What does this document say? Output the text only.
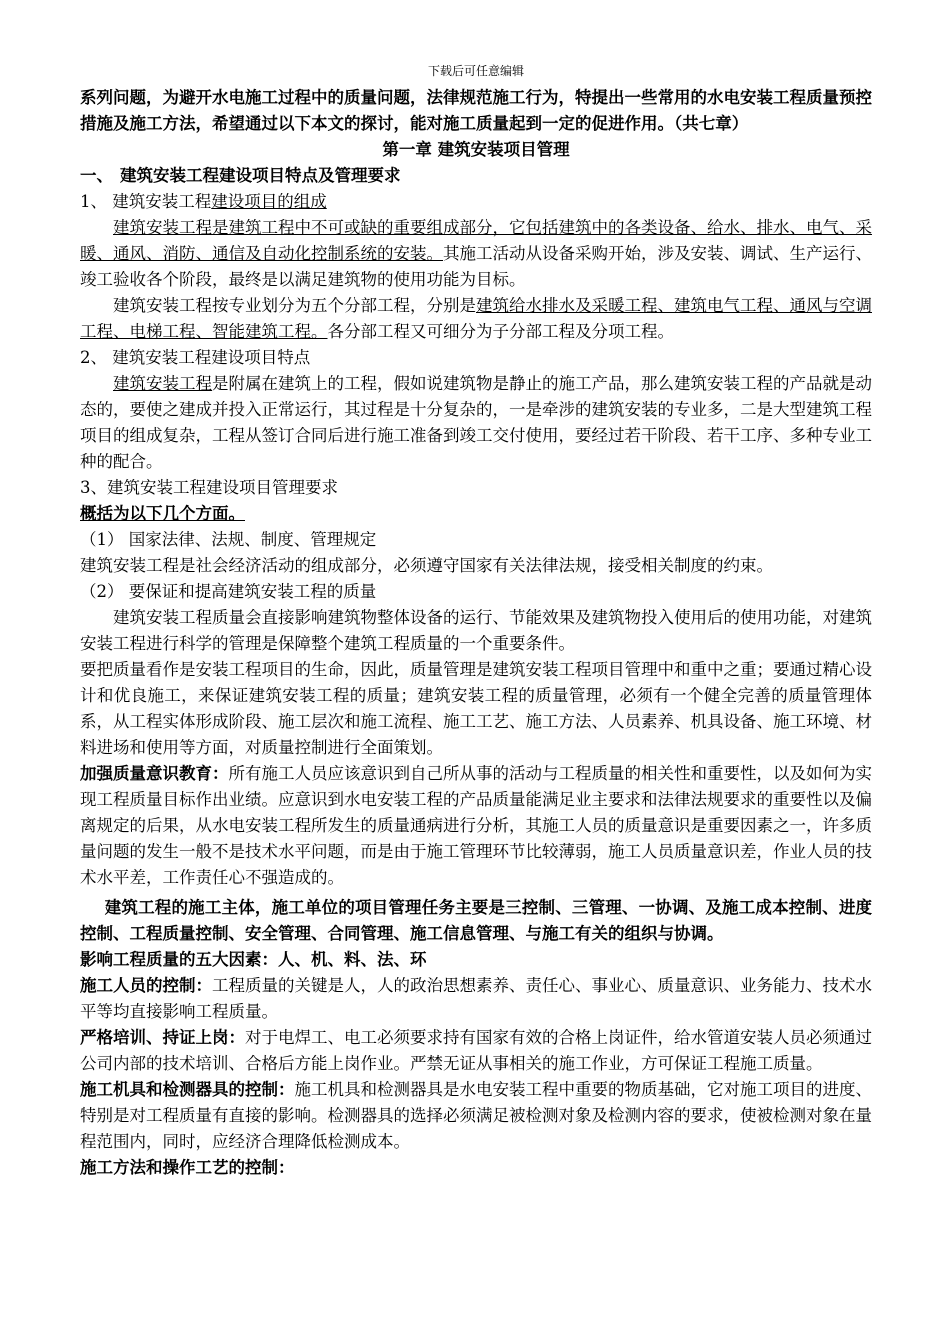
下载后可任意编辑

系列问题，为避开水电施工过程中的质量问题，法律规范施工行为，特提出一些常用的水电安装工程质量预控措施及施工方法，希望通过以下本文的探讨，能对施工质量起到一定的促进作用。（共七章）

第一章 建筑安装项目管理

一、 建筑安装工程建设项目特点及管理要求

1、 建筑安装工程建设项目的组成

建筑安装工程是建筑工程中不可或缺的重要组成部分，它包括建筑中的各类设备、给水、排水、电气、采暖、通风、消防、通信及自动化控制系统的安装。其施工活动从设备采购开始，涉及安装、调试、生产运行、竣工验收各个阶段，最终是以满足建筑物的使用功能为目标。

建筑安装工程按专业划分为五个分部工程，分别是建筑给水排水及采暖工程、建筑电气工程、通风与空调工程、电梯工程、智能建筑工程。各分部工程又可细分为子分部工程及分项工程。

2、 建筑安装工程建设项目特点

建筑安装工程是附属在建筑上的工程，假如说建筑物是静止的施工产品，那么建筑安装工程的产品就是动态的，要使之建成并投入正常运行，其过程是十分复杂的，一是牵涉的建筑安装的专业多，二是大型建筑工程项目的组成复杂，工程从签订合同后进行施工准备到竣工交付使用，要经过若干阶段、若干工序、多种专业工种的配合。

3、建筑安装工程建设项目管理要求

概括为以下几个方面。

（1） 国家法律、法规、制度、管理规定

建筑安装工程是社会经济活动的组成部分，必须遵守国家有关法律法规，接受相关制度的约束。

（2） 要保证和提高建筑安装工程的质量

建筑安装工程质量会直接影响建筑物整体设备的运行、节能效果及建筑物投入使用后的使用功能，对建筑安装工程进行科学的管理是保障整个建筑工程质量的一个重要条件。

要把质量看作是安装工程项目的生命，因此，质量管理是建筑安装工程项目管理中和重中之重；要通过精心设计和优良施工，来保证建筑安装工程的质量；建筑安装工程的质量管理，必须有一个健全完善的质量管理体系，从工程实体形成阶段、施工层次和施工流程、施工工艺、施工方法、人员素养、机具设备、施工环境、材料进场和使用等方面，对质量控制进行全面策划。

加强质量意识教育：所有施工人员应该意识到自己所从事的活动与工程质量的相关性和重要性，以及如何为实现工程质量目标作出业绩。应意识到水电安装工程的产品质量能满足业主要求和法律法规要求的重要性以及偏离规定的后果，从水电安装工程所发生的质量通病进行分析，其施工人员的质量意识是重要因素之一，许多质量问题的发生一般不是技术水平问题，而是由于施工管理环节比较薄弱，施工人员质量意识差，作业人员的技术水平差，工作责任心不强造成的。

建筑工程的施工主体，施工单位的项目管理任务主要是三控制、三管理、一协调、及施工成本控制、进度控制、工程质量控制、安全管理、合同管理、施工信息管理、与施工有关的组织与协调。

影响工程质量的五大因素：人、机、料、法、环

施工人员的控制：工程质量的关键是人，人的政治思想素养、责任心、事业心、质量意识、业务能力、技术水平等均直接影响工程质量。

严格培训、持证上岗：对于电焊工、电工必须要求持有国家有效的合格上岗证件，给水管道安装人员必须通过公司内部的技术培训、合格后方能上岗作业。严禁无证从事相关的施工作业，方可保证工程施工质量。

施工机具和检测器具的控制：施工机具和检测器具是水电安装工程中重要的物质基础，它对施工项目的进度、特别是对工程质量有直接的影响。检测器具的选择必须满足被检测对象及检测内容的要求，使被检测对象在量程范围内，同时，应经济合理降低检测成本。

施工方法和操作工艺的控制：
